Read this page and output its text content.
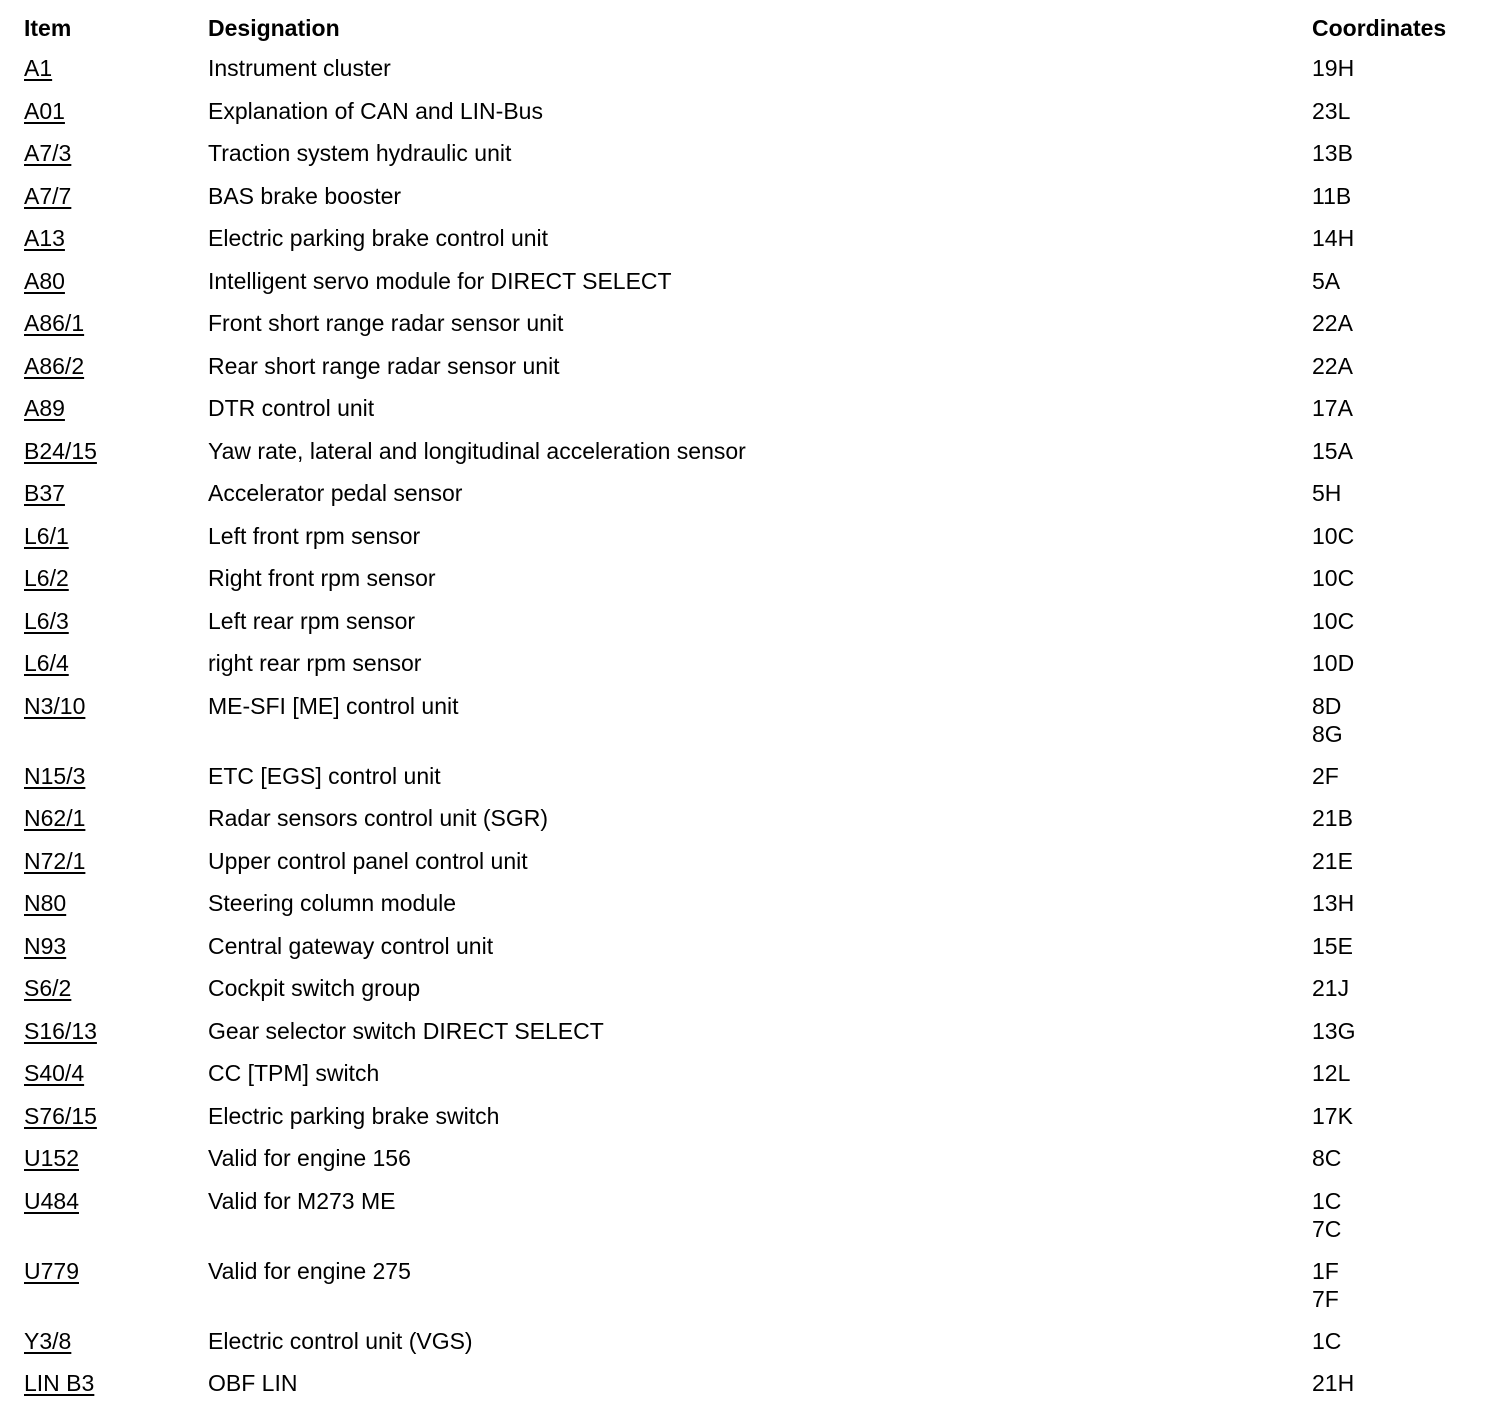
Item	Designation	Coordinates
A1	Instrument cluster	19H
A01	Explanation of CAN and LIN-Bus	23L
A7/3	Traction system hydraulic unit	13B
A7/7	BAS brake booster	11B
A13	Electric parking brake control unit	14H
A80	Intelligent servo module for DIRECT SELECT	5A
A86/1	Front short range radar sensor unit	22A
A86/2	Rear short range radar sensor unit	22A
A89	DTR control unit	17A
B24/15	Yaw rate, lateral and longitudinal acceleration sensor	15A
B37	Accelerator pedal sensor	5H
L6/1	Left front rpm sensor	10C
L6/2	Right front rpm sensor	10C
L6/3	Left rear rpm sensor	10C
L6/4	right rear rpm sensor	10D
N3/10	ME-SFI [ME] control unit	8D
8G
N15/3	ETC [EGS] control unit	2F
N62/1	Radar sensors control unit (SGR)	21B
N72/1	Upper control panel control unit	21E
N80	Steering column module	13H
N93	Central gateway control unit	15E
S6/2	Cockpit switch group	21J
S16/13	Gear selector switch DIRECT SELECT	13G
S40/4	CC [TPM] switch	12L
S76/15	Electric parking brake switch	17K
U152	Valid for engine 156	8C
U484	Valid for M273 ME	1C
7C
U779	Valid for engine 275	1F
7F
Y3/8	Electric control unit (VGS)	1C
LIN B3	OBF LIN	21H
